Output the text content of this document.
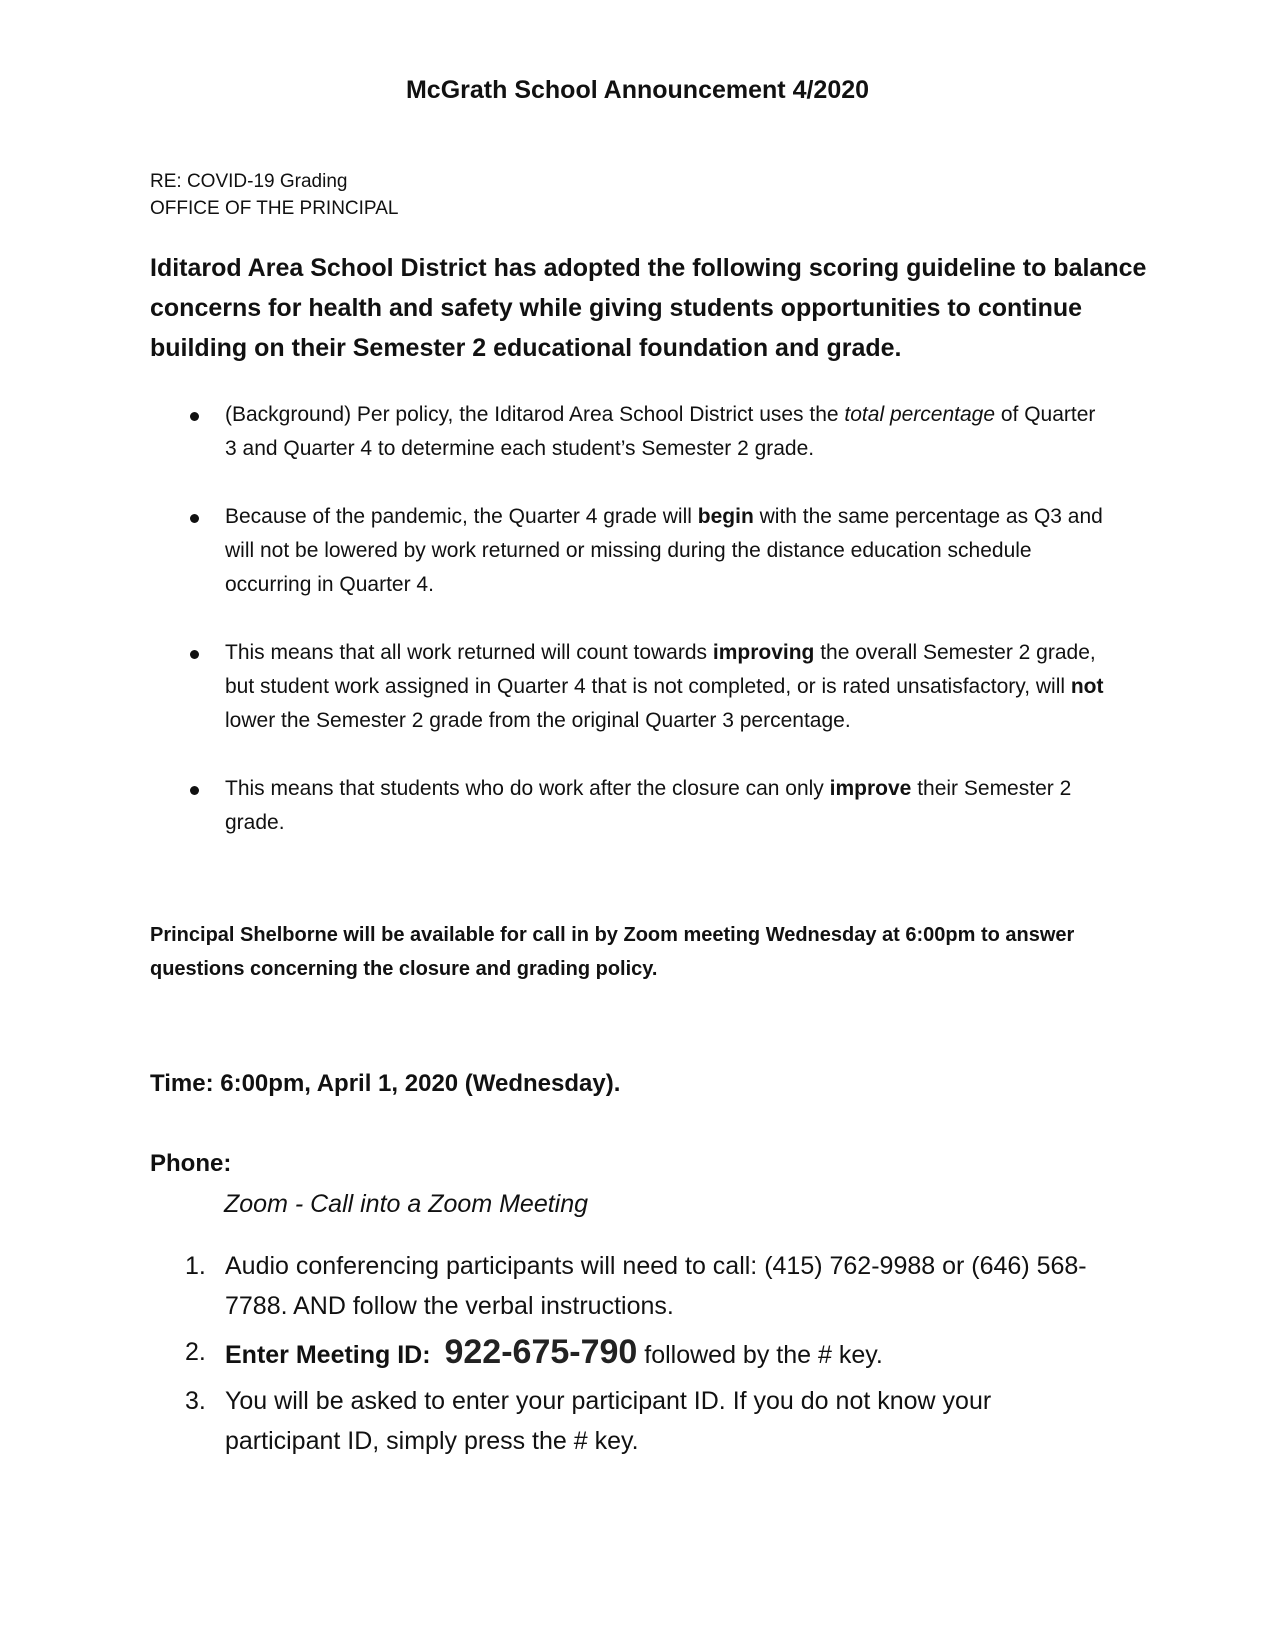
McGrath School Announcement 4/2020
RE: COVID-19 Grading
OFFICE OF THE PRINCIPAL
Iditarod Area School District has adopted the following scoring guideline to balance concerns for health and safety while giving students opportunities to continue building on their Semester 2 educational foundation and grade.
(Background) Per policy, the Iditarod Area School District uses the total percentage of Quarter 3 and Quarter 4 to determine each student’s Semester 2 grade.
Because of the pandemic, the Quarter 4 grade will begin with the same percentage as Q3 and will not be lowered by work returned or missing during the distance education schedule occurring in Quarter 4.
This means that all work returned will count towards improving the overall Semester 2 grade, but student work assigned in Quarter 4 that is not completed, or is rated unsatisfactory, will not lower the Semester 2 grade from the original Quarter 3 percentage.
This means that students who do work after the closure can only improve their Semester 2 grade.
Principal Shelborne will be available for call in by Zoom meeting Wednesday at 6:00pm to answer questions concerning the closure and grading policy.
Time: 6:00pm, April 1, 2020 (Wednesday).
Phone:
Zoom - Call into a Zoom Meeting
1. Audio conferencing participants will need to call: (415) 762-9988 or (646) 568-7788. AND follow the verbal instructions.
2. Enter Meeting ID: 922-675-790 followed by the # key.
3. You will be asked to enter your participant ID. If you do not know your participant ID, simply press the # key.
